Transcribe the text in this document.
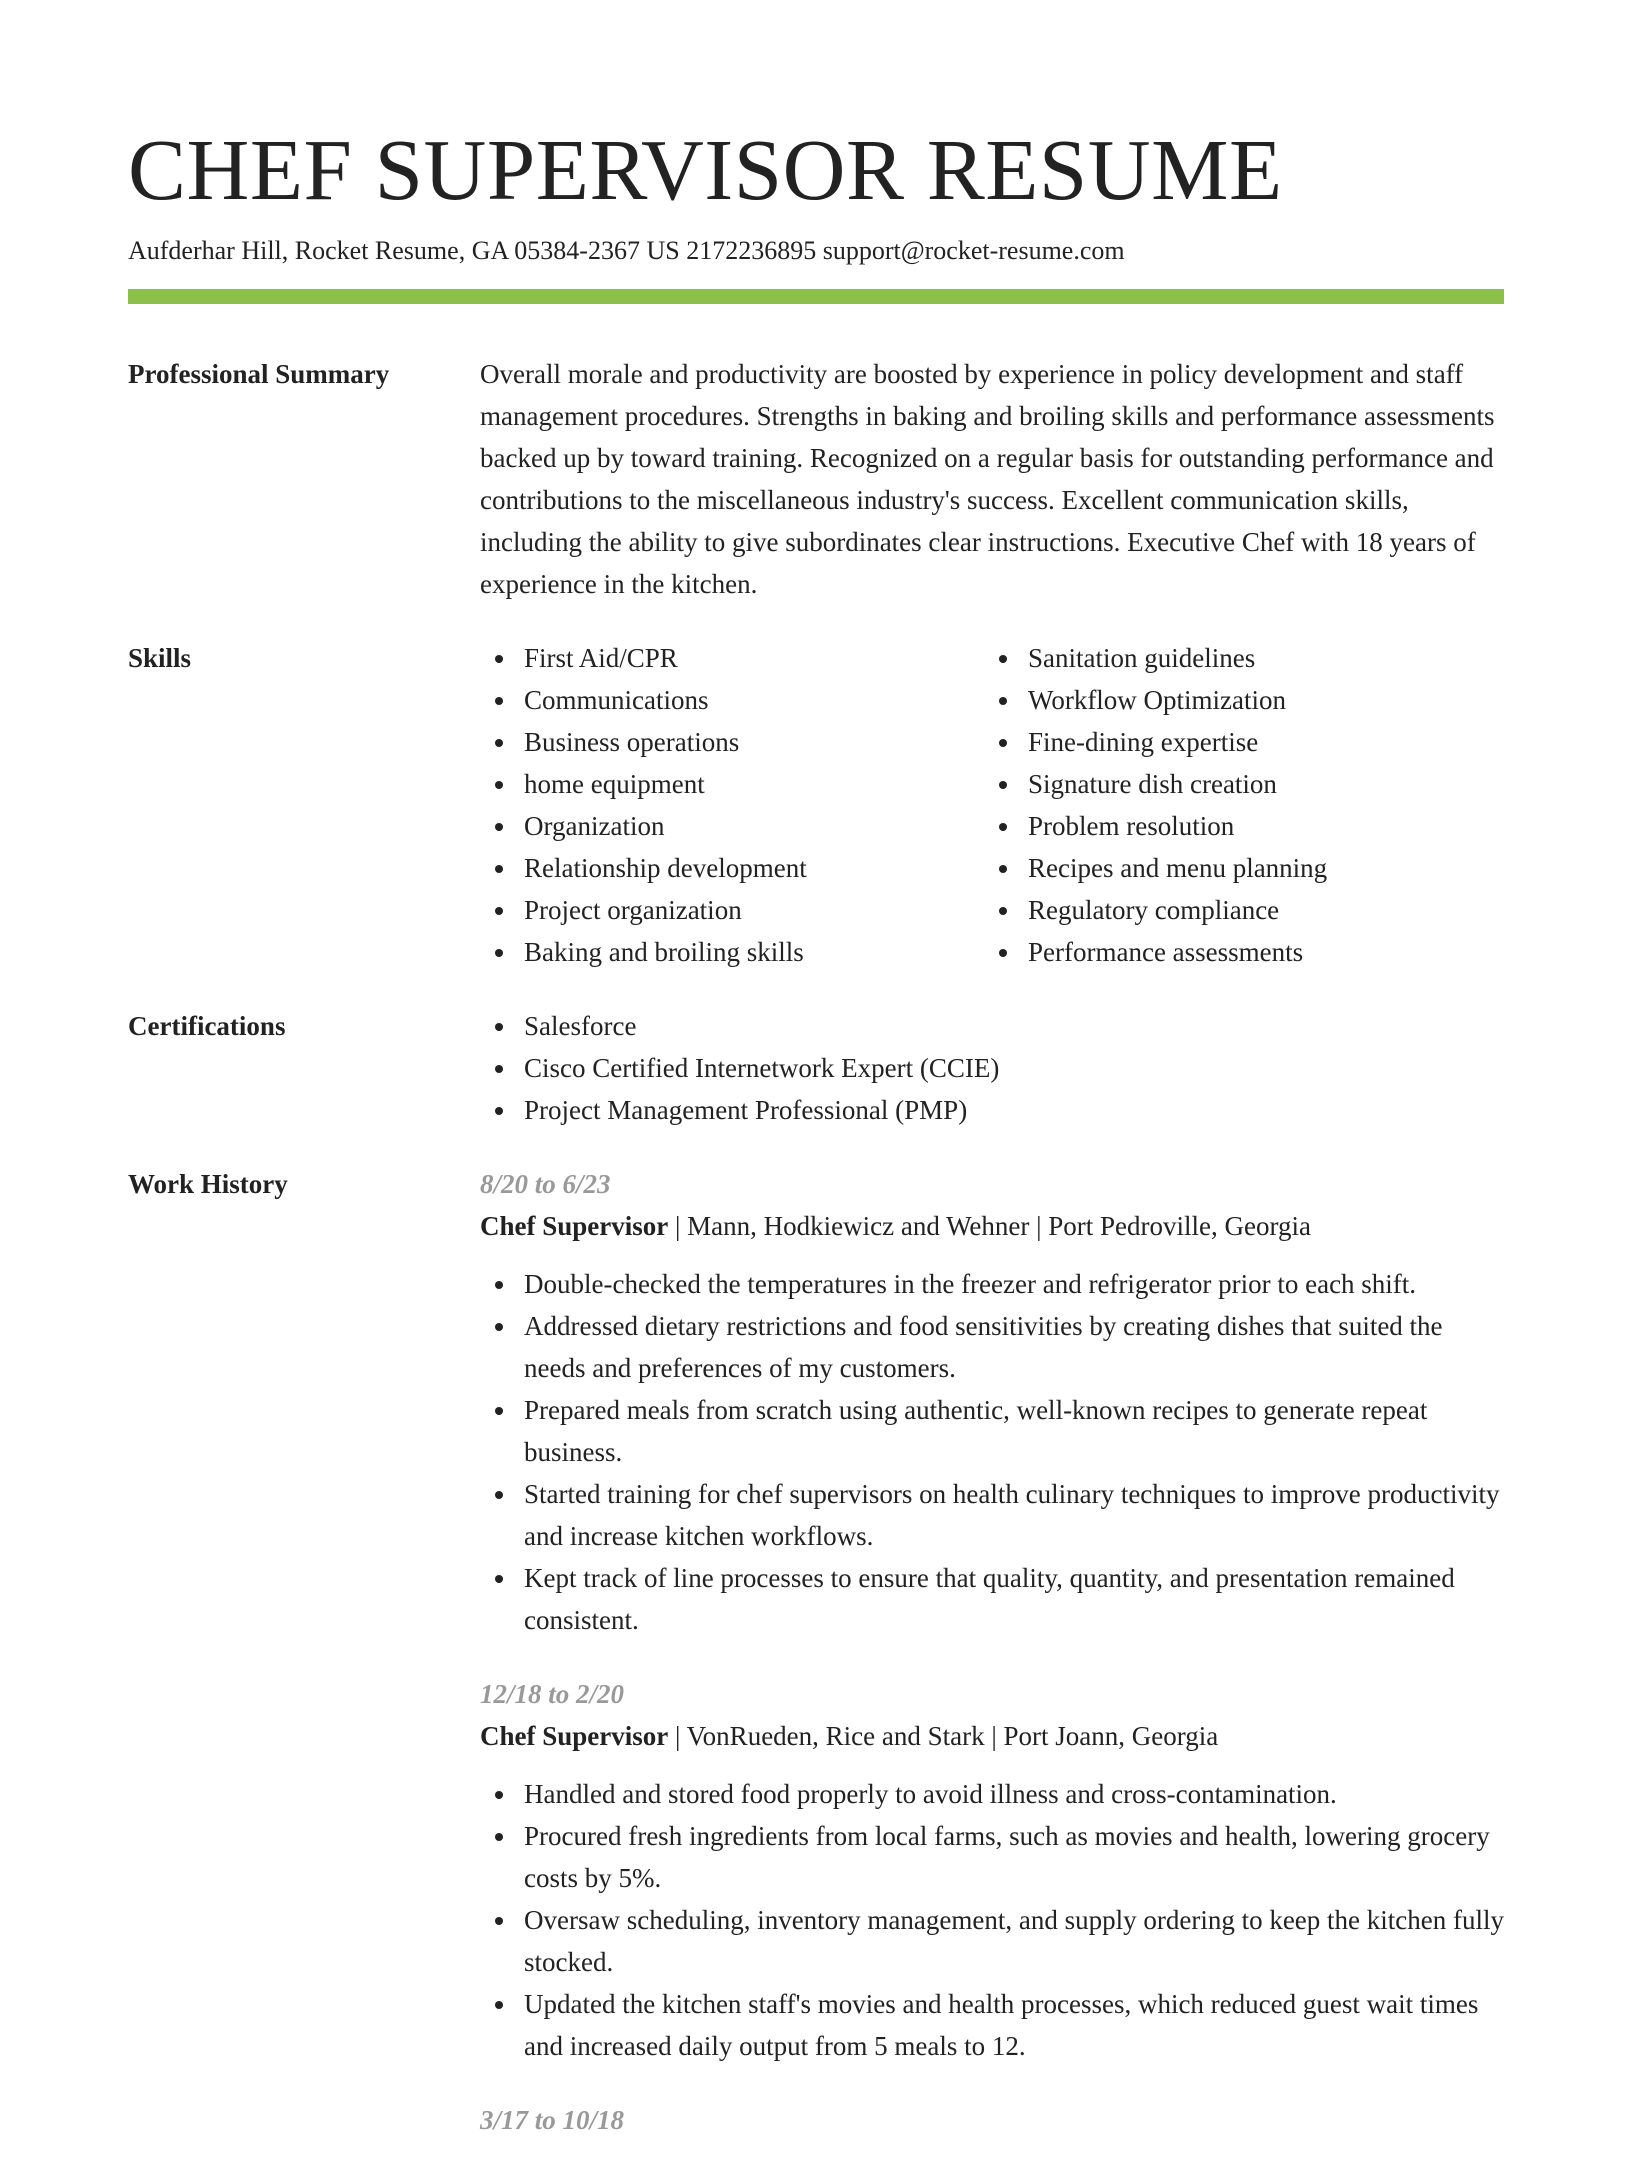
CHEF SUPERVISOR RESUME
Aufderhar Hill, Rocket Resume, GA 05384-2367 US 2172236895 support@rocket-resume.com
Professional Summary	Overall morale and productivity are boosted by experience in policy development and staff management procedures. Strengths in baking and broiling skills and performance assessments backed up by toward training. Recognized on a regular basis for outstanding performance and contributions to the miscellaneous industry's success. Excellent communication skills, including the ability to give subordinates clear instructions. Executive Chef with 18 years of experience in the kitchen.

Skills	First Aid/CPR
Communications
Business operations
home equipment
Organization
Relationship development
Project organization
Baking and broiling skills
Sanitation guidelines
Workflow Optimization
Fine-dining expertise
Signature dish creation
Problem resolution
Recipes and menu planning
Regulatory compliance
Performance assessments
Certifications	Salesforce
Cisco Certified Internetwork Expert (CCIE)
Project Management Professional (PMP)
Work History	8/20 to 6/23
Chef Supervisor | Mann, Hodkiewicz and Wehner | Port Pedroville, Georgia
Double-checked the temperatures in the freezer and refrigerator prior to each shift.
Addressed dietary restrictions and food sensitivities by creating dishes that suited the needs and preferences of my customers.
Prepared meals from scratch using authentic, well-known recipes to generate repeat business.
Started training for chef supervisors on health culinary techniques to improve productivity and increase kitchen workflows.
Kept track of line processes to ensure that quality, quantity, and presentation remained consistent.
12/18 to 2/20
Chef Supervisor | VonRueden, Rice and Stark | Port Joann, Georgia
Handled and stored food properly to avoid illness and cross-contamination.
Procured fresh ingredients from local farms, such as movies and health, lowering grocery costs by 5%.
Oversaw scheduling, inventory management, and supply ordering to keep the kitchen fully stocked.
Updated the kitchen staff's movies and health processes, which reduced guest wait times and increased daily output from 5 meals to 12.
3/17 to 10/18
